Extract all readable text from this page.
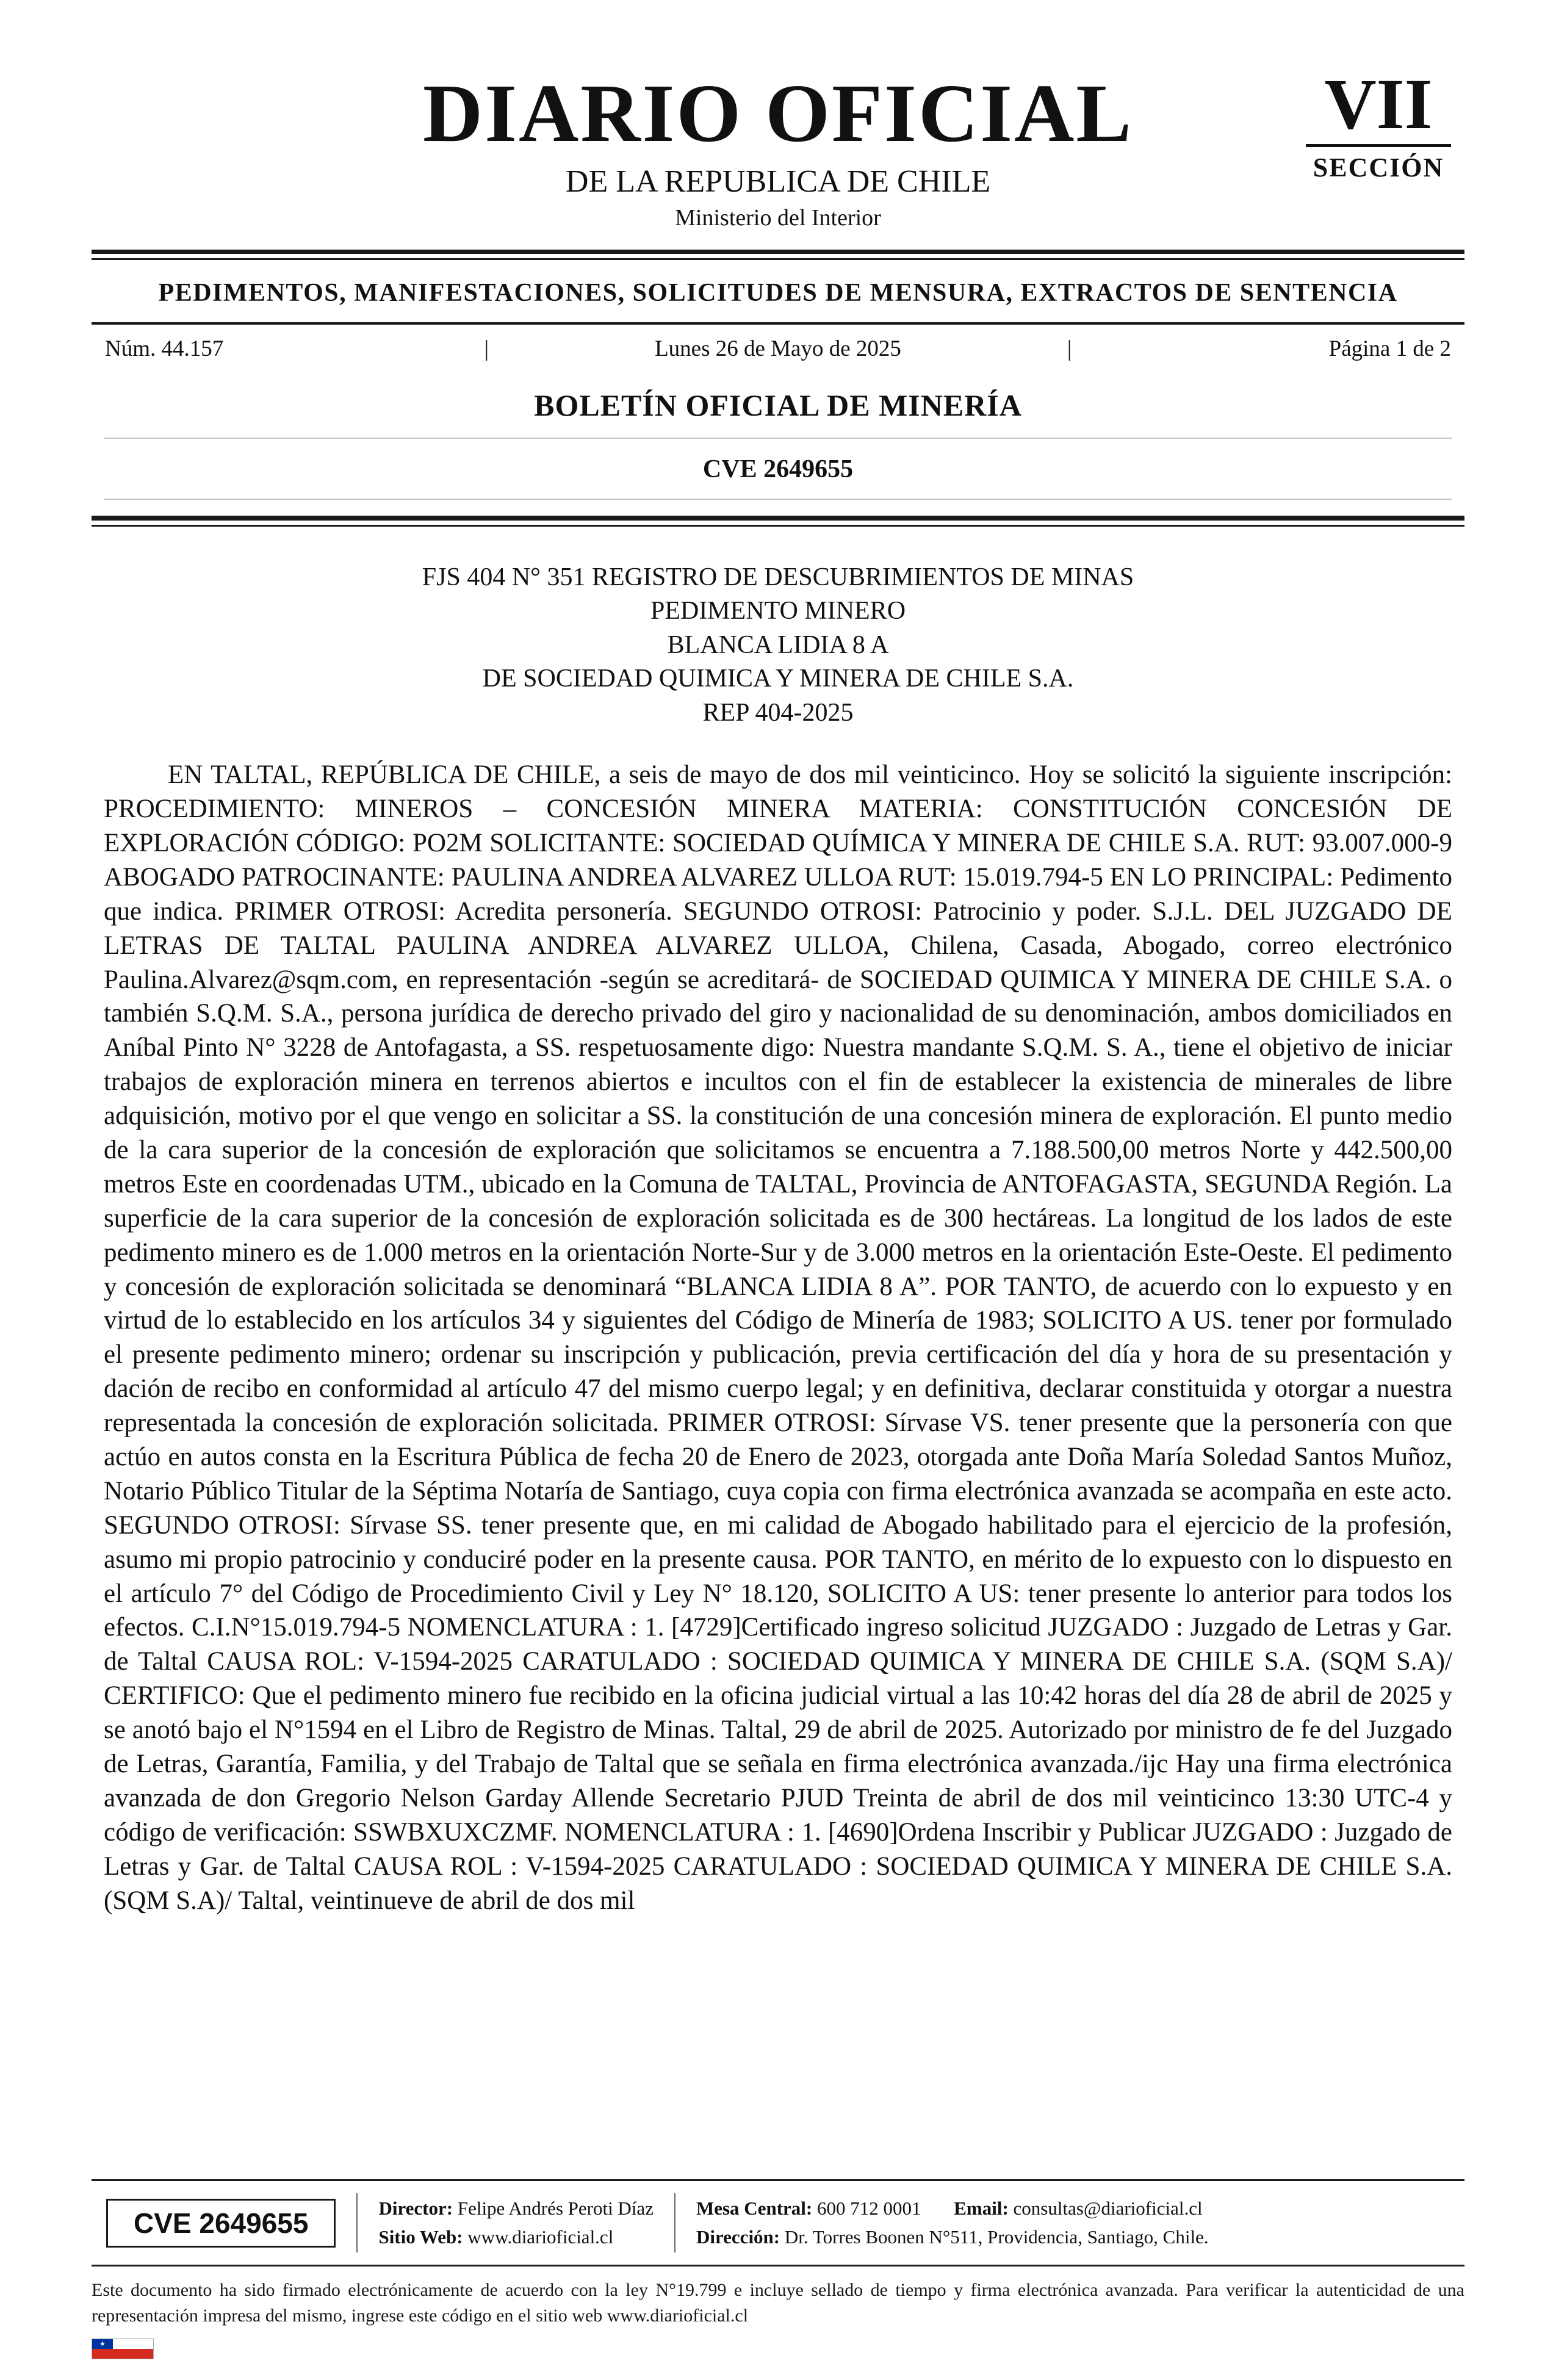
DIARIO OFICIAL
DE LA REPUBLICA DE CHILE
Ministerio del Interior
VII
SECCIÓN
PEDIMENTOS, MANIFESTACIONES, SOLICITUDES DE MENSURA, EXTRACTOS DE SENTENCIA
Núm. 44.157	|	Lunes 26 de Mayo de 2025	|	Página 1 de 2
BOLETÍN OFICIAL DE MINERÍA
CVE 2649655
FJS 404 N° 351 REGISTRO DE DESCUBRIMIENTOS DE MINAS
PEDIMENTO MINERO
BLANCA LIDIA 8 A
DE SOCIEDAD QUIMICA Y MINERA DE CHILE S.A.
REP 404-2025

EN TALTAL, REPÚBLICA DE CHILE, a seis de mayo de dos mil veinticinco. Hoy se solicitó la siguiente inscripción: PROCEDIMIENTO: MINEROS – CONCESIÓN MINERA MATERIA: CONSTITUCIÓN CONCESIÓN DE EXPLORACIÓN CÓDIGO: PO2M SOLICITANTE: SOCIEDAD QUÍMICA Y MINERA DE CHILE S.A. RUT: 93.007.000-9 ABOGADO PATROCINANTE: PAULINA ANDREA ALVAREZ ULLOA RUT: 15.019.794-5 EN LO PRINCIPAL: Pedimento que indica. PRIMER OTROSI: Acredita personería. SEGUNDO OTROSI: Patrocinio y poder. S.J.L. DEL JUZGADO DE LETRAS DE TALTAL PAULINA ANDREA ALVAREZ ULLOA, Chilena, Casada, Abogado, correo electrónico Paulina.Alvarez@sqm.com, en representación -según se acreditará- de SOCIEDAD QUIMICA Y MINERA DE CHILE S.A. o también S.Q.M. S.A., persona jurídica de derecho privado del giro y nacionalidad de su denominación, ambos domiciliados en Aníbal Pinto N° 3228 de Antofagasta, a SS. respetuosamente digo: Nuestra mandante S.Q.M. S. A., tiene el objetivo de iniciar trabajos de exploración minera en terrenos abiertos e incultos con el fin de establecer la existencia de minerales de libre adquisición, motivo por el que vengo en solicitar a SS. la constitución de una concesión minera de exploración. El punto medio de la cara superior de la concesión de exploración que solicitamos se encuentra a 7.188.500,00 metros Norte y 442.500,00 metros Este en coordenadas UTM., ubicado en la Comuna de TALTAL, Provincia de ANTOFAGASTA, SEGUNDA Región. La superficie de la cara superior de la concesión de exploración solicitada es de 300 hectáreas. La longitud de los lados de este pedimento minero es de 1.000 metros en la orientación Norte-Sur y de 3.000 metros en la orientación Este-Oeste. El pedimento y concesión de exploración solicitada se denominará “BLANCA LIDIA 8 A”. POR TANTO, de acuerdo con lo expuesto y en virtud de lo establecido en los artículos 34 y siguientes del Código de Minería de 1983; SOLICITO A US. tener por formulado el presente pedimento minero; ordenar su inscripción y publicación, previa certificación del día y hora de su presentación y dación de recibo en conformidad al artículo 47 del mismo cuerpo legal; y en definitiva, declarar constituida y otorgar a nuestra representada la concesión de exploración solicitada. PRIMER OTROSI: Sírvase VS. tener presente que la personería con que actúo en autos consta en la Escritura Pública de fecha 20 de Enero de 2023, otorgada ante Doña María Soledad Santos Muñoz, Notario Público Titular de la Séptima Notaría de Santiago, cuya copia con firma electrónica avanzada se acompaña en este acto. SEGUNDO OTROSI: Sírvase SS. tener presente que, en mi calidad de Abogado habilitado para el ejercicio de la profesión, asumo mi propio patrocinio y conduciré poder en la presente causa. POR TANTO, en mérito de lo expuesto con lo dispuesto en el artículo 7° del Código de Procedimiento Civil y Ley N° 18.120, SOLICITO A US: tener presente lo anterior para todos los efectos. C.I.N°15.019.794-5 NOMENCLATURA : 1. [4729]Certificado ingreso solicitud JUZGADO : Juzgado de Letras y Gar. de Taltal CAUSA ROL: V-1594-2025 CARATULADO : SOCIEDAD QUIMICA Y MINERA DE CHILE S.A. (SQM S.A)/ CERTIFICO: Que el pedimento minero fue recibido en la oficina judicial virtual a las 10:42 horas del día 28 de abril de 2025 y se anotó bajo el N°1594 en el Libro de Registro de Minas. Taltal, 29 de abril de 2025. Autorizado por ministro de fe del Juzgado de Letras, Garantía, Familia, y del Trabajo de Taltal que se señala en firma electrónica avanzada./ijc Hay una firma electrónica avanzada de don Gregorio Nelson Garday Allende Secretario PJUD Treinta de abril de dos mil veinticinco 13:30 UTC-4 y código de verificación: SSWBXUXCZMF. NOMENCLATURA : 1. [4690]Ordena Inscribir y Publicar JUZGADO : Juzgado de Letras y Gar. de Taltal CAUSA ROL : V-1594-2025 CARATULADO : SOCIEDAD QUIMICA Y MINERA DE CHILE S.A. (SQM S.A)/ Taltal, veintinueve de abril de dos mil

CVE 2649655	Director: Felipe Andrés Peroti Díaz
Sitio Web: www.diarioficial.cl
Mesa Central: 600 712 0001 Email: consultas@diarioficial.cl
Dirección: Dr. Torres Boonen N°511, Providencia, Santiago, Chile.

Este documento ha sido firmado electrónicamente de acuerdo con la ley N°19.799 e incluye sellado de tiempo y firma electrónica avanzada. Para verificar la autenticidad de una representación impresa del mismo, ingrese este código en el sitio web www.diarioficial.cl

★
